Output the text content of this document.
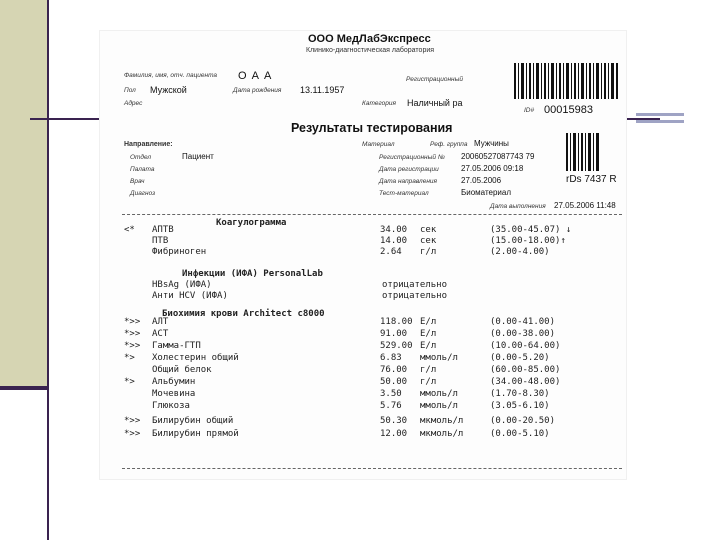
ООО МедЛабЭкспресс
Клинико-диагностическая лаборатория
Фамилия, имя, отч. пациента О А А
Пол Мужской	Дата рождения 13.11.1957
Регистрационный
Адрес	Категория Наличный ра
ID# 00015983
Результаты тестирования
Направление:
Отдел	Пациент
Палата
Врач
Диагноз
Материал	Реф. группа Мужчины
Регистрационный № 20060527087743 79
Дата регистрации	27.05.2006 09:18
Дата направления	27.05.2006
Тест-материал	Биоматериал
rDs 7437 R
Дата выполнения 27.05.2006 11:48
Коагулограмма
Инфекции (ИФА) PersonalLab
Биохимия крови Architect c8000
<* АПТВ	34.00 сек	(35.00-45.07) ↓
ПТВ	14.00 сек	(15.00-18.00)↑
Фибриноген	2.64 г/л	(2.00-4.00)
HBsAg (ИФА)	отрицательно
Анти HCV (ИФА)	отрицательно
*>> АЛТ	118.00 Е/л	(0.00-41.00)
*>> АСТ	91.00 Е/л	(0.00-38.00)
*>> Гамма-ГТП	529.00 Е/л	(10.00-64.00)
*> Холестерин общий	6.83 ммоль/л	(0.00-5.20)
Общий белок	76.00 г/л	(60.00-85.00)
*> Альбумин	50.00 г/л	(34.00-48.00)
Мочевина	3.50 ммоль/л	(1.70-8.30)
Глюкоза	5.76 ммоль/л	(3.05-6.10)
*>> Билирубин общий	50.30 мкмоль/л	(0.00-20.50)
*>> Билирубин прямой	12.00 мкмоль/л	(0.00-5.10)
